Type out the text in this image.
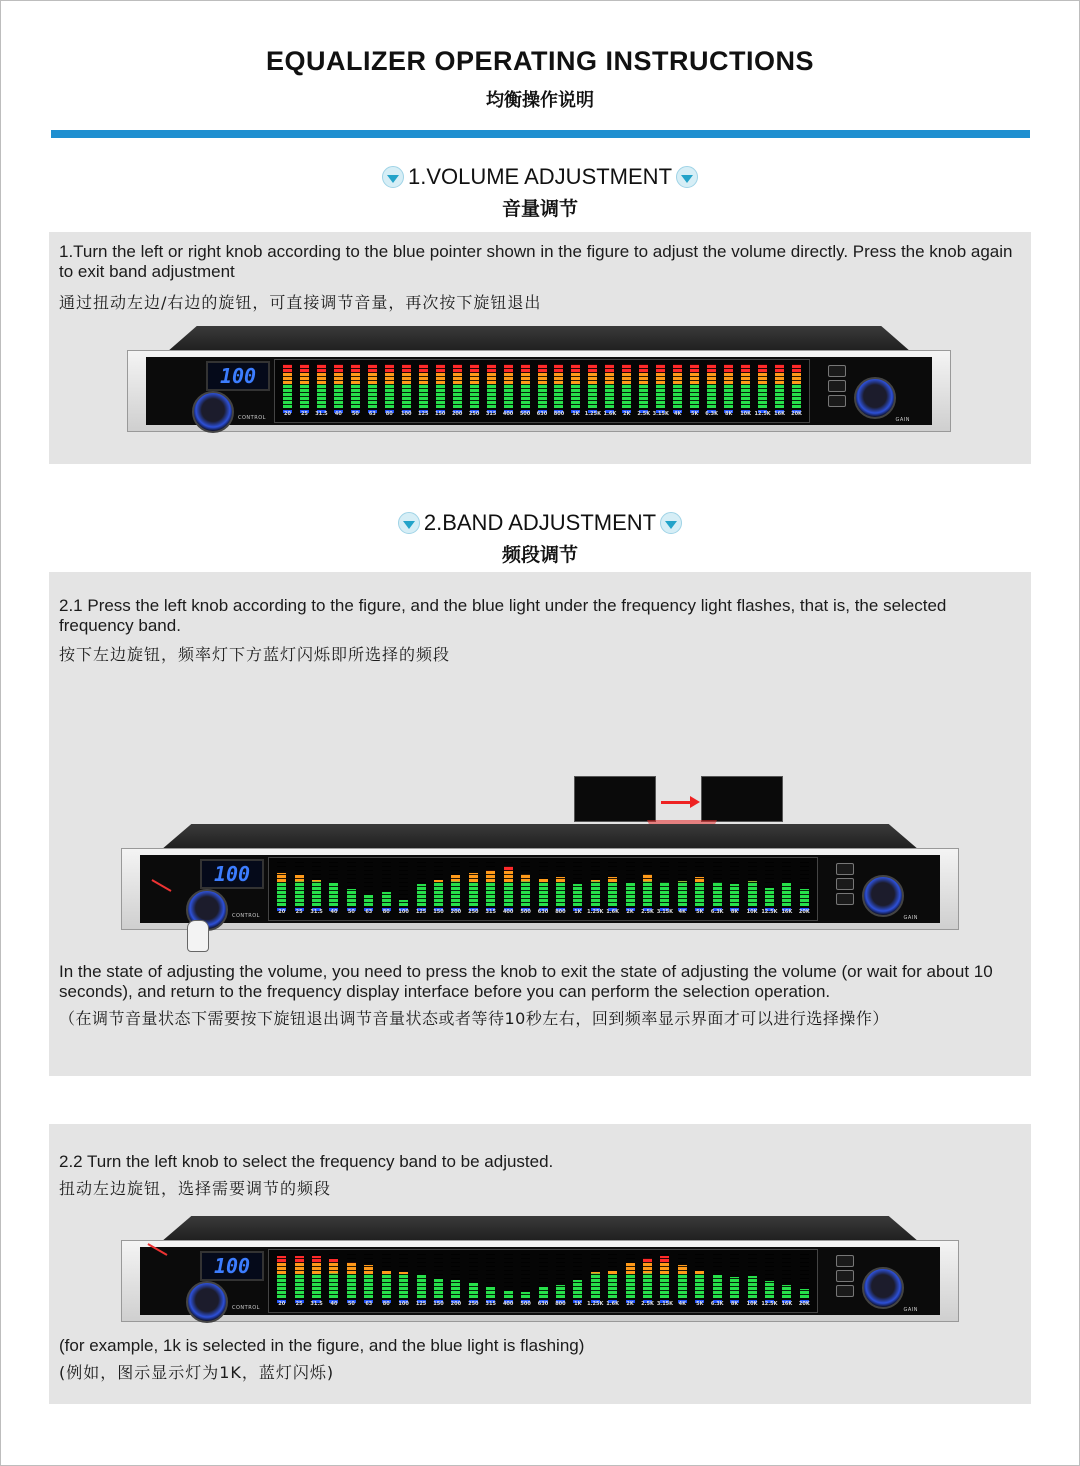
EQUALIZER OPERATING INSTRUCTIONS
均衡操作说明
1.VOLUME ADJUSTMENT
音量调节
1.Turn the left or right knob according to the blue pointer shown in the figure to adjust the volume directly. Press the knob again to exit band adjustment
通过扭动左边/右边的旋钮，可直接调节音量，再次按下旋钮退出
100
CONTROL
20 25 31.5 40 50 63 80 100 125 150 200 250 315 400 500 630 800 1K 1.25K 1.6K 2K 2.5K 3.15K 4K 5K 6.3K 8K 10K 12.5K 16K 20K
GAIN
2.BAND ADJUSTMENT
频段调节
2.1 Press the left knob according to the figure, and the blue light under the frequency light flashes, that is, the selected frequency band.
按下左边旋钮，频率灯下方蓝灯闪烁即所选择的频段
100
CONTROL
20 25 31.5 40 50 63 80 100 125 150 200 250 315 400 500 630 800 1K 1.25K 1.6K 2K 2.5K 3.15K 4K 5K 6.3K 8K 10K 12.5K 16K 20K
GAIN
In the state of adjusting the volume, you need to press the knob to exit the state of adjusting the volume (or wait for about 10 seconds), and return to the frequency display interface before you can perform the selection operation.
（在调节音量状态下需要按下旋钮退出调节音量状态或者等待10秒左右，回到频率显示界面才可以进行选择操作）
2.2 Turn the left knob to select the frequency band to be adjusted.
扭动左边旋钮，选择需要调节的频段
100
CONTROL
20 25 31.5 40 50 63 80 100 125 150 200 250 315 400 500 630 800 1K 1.25K 1.6K 2K 2.5K 3.15K 4K 5K 6.3K 8K 10K 12.5K 16K 20K
GAIN
(for example, 1k is selected in the figure, and the blue light is flashing)
(例如，图示显示灯为1K，蓝灯闪烁)
